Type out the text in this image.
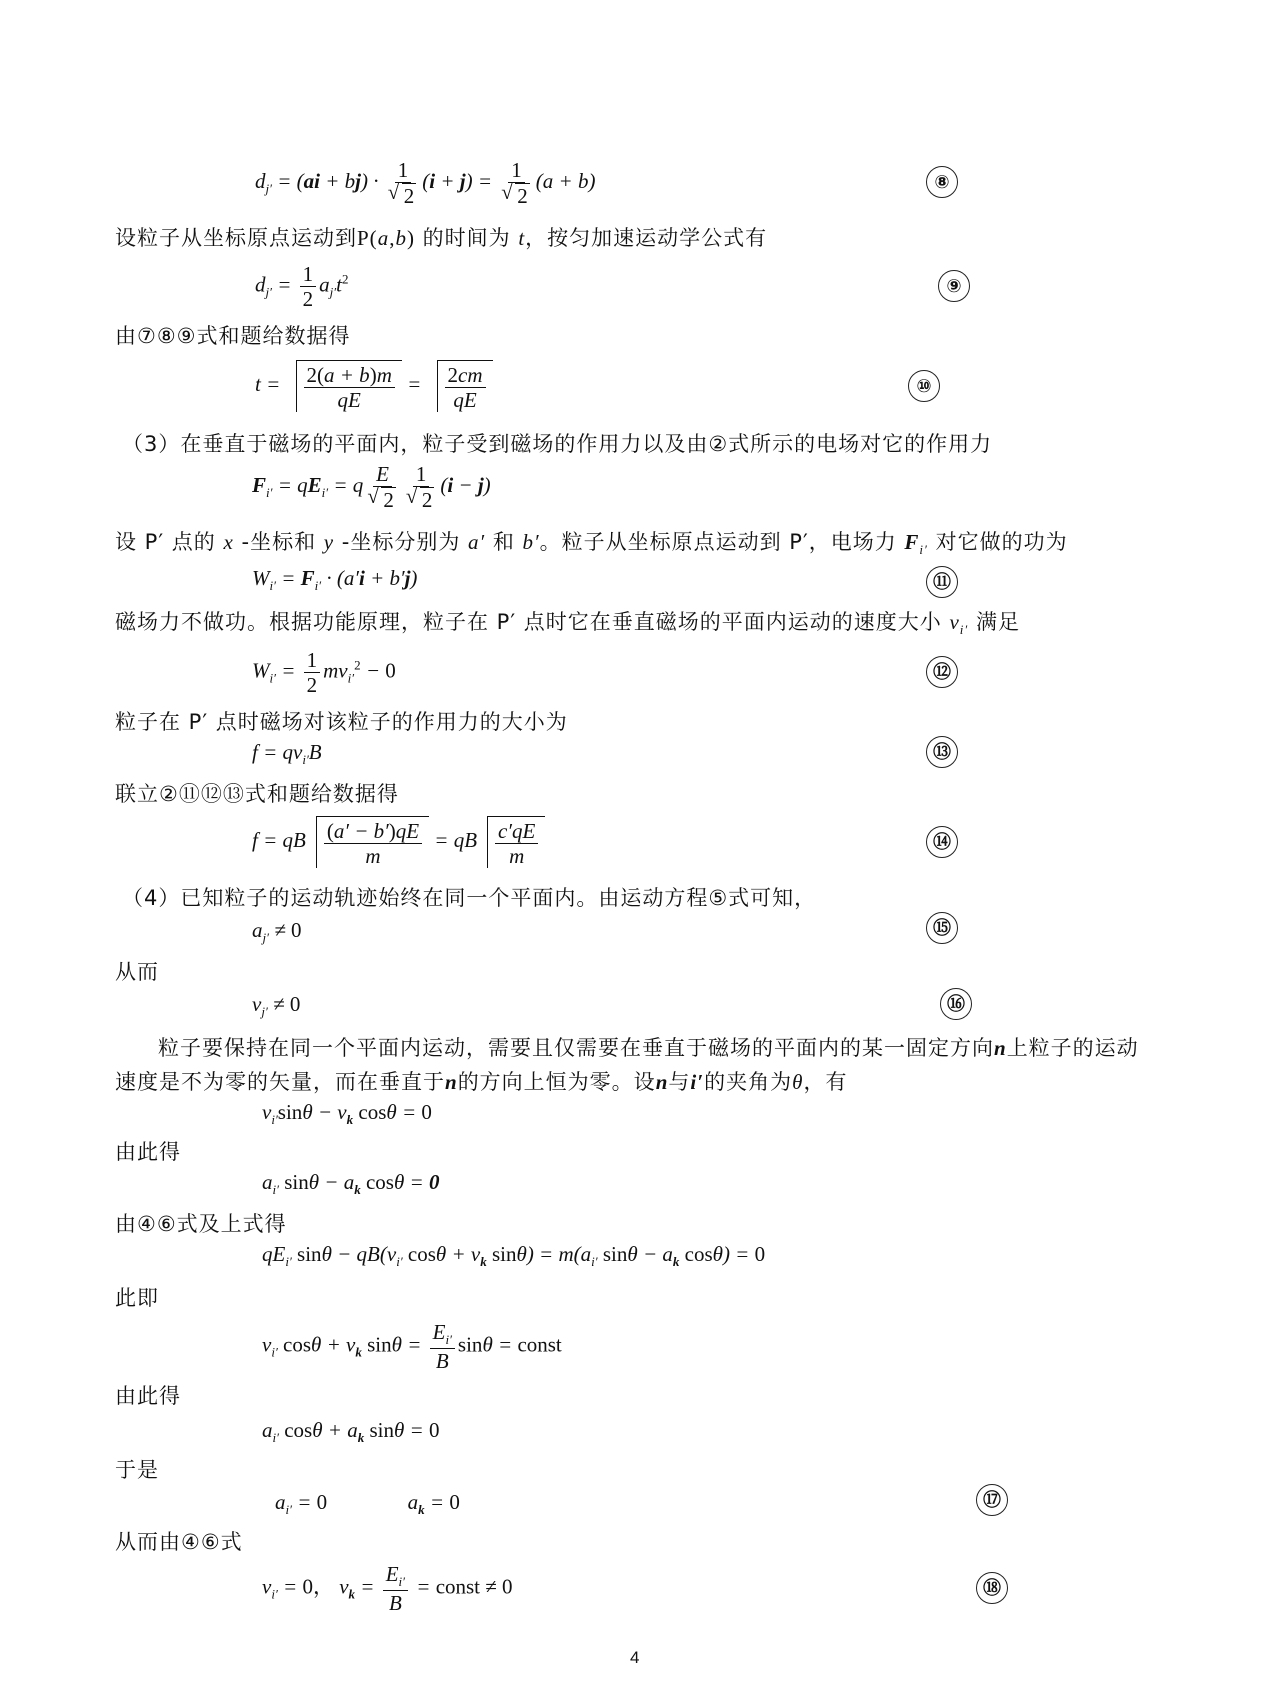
$d_{j'} = (ai + bj) \cdot 1$
√ 2 (i + j) = 1
√ 2 (a + b)	⑧
设粒子从坐标原点运动到P(a,b) 的时间为 t，按匀加速运动学公式有
$d_{j'} = \frac{1}{2} a_{j'}t^2$	⑨
由⑦⑧⑨式和题给数据得
$t = \frac{2(a + b)m}{qE} = \frac{2cm}{qE}$	⑩
（3）在垂直于磁场的平面内，粒子受到磁场的作用力以及由②式所示的电场对它的作用力
$F_{i'} = qE_{i'} = q$ E
√ 2 1
√ 2 (i − j)
设 P′ 点的 x -坐标和 y -坐标分别为 a′ 和 b′。粒子从坐标原点运动到 P′，电场力 $F_{i'}$ 对它做的功为
$W_{i'} = F_{i'} \cdot (a'i + b'j)$	⑪
磁场力不做功。根据功能原理，粒子在 P′ 点时它在垂直磁场的平面内运动的速度大小 $v_{i'}$ 满足
$W_{i'} = \frac{1}{2} mv_{i'}^2 - 0$	⑫
粒子在 P′ 点时磁场对该粒子的作用力的大小为
$f = qv_{i'}B$	⑬
联立②⑪⑫⑬式和题给数据得
f = qB $\frac{(a' - b')qE}{m}$ = qB $\frac{c'qE}{m}$	⑭
（4）已知粒子的运动轨迹始终在同一个平面内。由运动方程⑤式可知，
$a_{j'} \ne 0$	⑮
从而
$v_{j'} \ne 0$	⑯
粒子要保持在同一个平面内运动，需要且仅需要在垂直于磁场的平面内的某一固定方向n上粒子的运动
速度是不为零的矢量，而在垂直于n的方向上恒为零。设n与i′的夹角为θ，有
$v_{i'}\sin\theta - v_k$ cosθ = 0
由此得
$a_{i'}$ $\sin\theta - a_k$ cosθ = 0
由④⑥式及上式得
$qE_{i'}$ $\sin\theta - qB(v_{i'}$ $\cos\theta + v_k$ $\sin\theta) = m(a_{i'}$ $\sin\theta - a_k$ cosθ) = 0
此即
$v_{i'}$ $\cos\theta + v_k$ $\sin\theta = \frac{E_{i'}}{B}$ sinθ = const
由此得
$a_{i'}$ $\cos\theta + a_k$ sinθ = 0
于是
$a_{i'} = 0$	$a_k = 0$	⑰
从而由④⑥式
$v_{i'} = 0$， $v_k = \frac{E_{i'}}{B}$ = const ≠ 0	⑱
4
